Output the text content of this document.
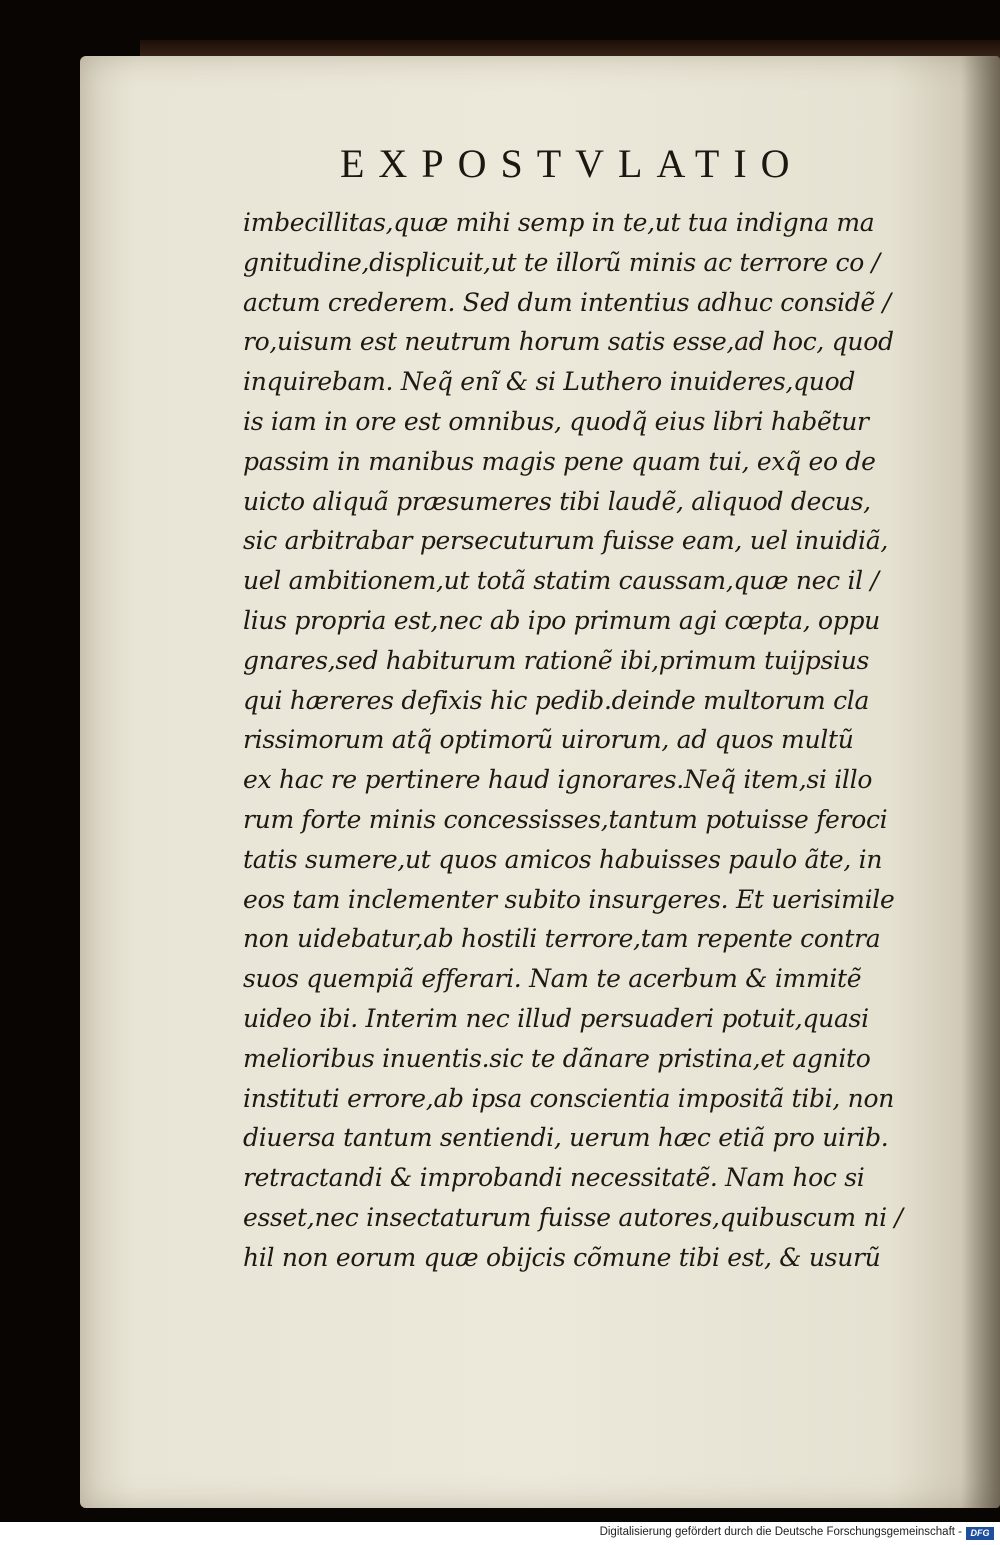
EXPOSTVLATIO
imbecillitas,quæ mihi semp in te,ut tua indigna ma
gnitudine,displicuit,ut te illorũ minis ac terrore co /
actum crederem. Sed dum intentius adhuc considẽ /
ro,uisum est neutrum horum satis esse,ad hoc, quod
inquirebam. Neq̃ enĩ & si Luthero inuideres,quod
is iam in ore est omnibus, quodq̃ eius libri habẽtur
passim in manibus magis pene quam tui, exq̃ eo de
uicto aliquã præsumeres tibi laudẽ, aliquod decus,
sic arbitrabar persecuturum fuisse eam, uel inuidiã,
uel ambitionem,ut totã statim caussam,quæ nec il /
lius propria est,nec ab ipo primum agi cœpta, oppu
gnares,sed habiturum rationẽ ibi,primum tuijpsius
qui hæreres defixis hic pedib.deinde multorum cla
rissimorum atq̃ optimorũ uirorum, ad quos multũ
ex hac re pertinere haud ignorares.Neq̃ item,si illo
rum forte minis concessisses,tantum potuisse feroci
tatis sumere,ut quos amicos habuisses paulo ãte, in
eos tam inclementer subito insurgeres. Et uerisimile
non uidebatur,ab hostili terrore,tam repente contra
suos quempiã efferari. Nam te acerbum & immitẽ
uideo ibi. Interim nec illud persuaderi potuit,quasi
melioribus inuentis.sic te dãnare pristina,et agnito
instituti errore,ab ipsa conscientia impositã tibi, non
diuersa tantum sentiendi, uerum hæc etiã pro uirib.
retractandi & improbandi necessitatẽ. Nam hoc si
esset,nec insectaturum fuisse autores,quibuscum ni /
hil non eorum quæ obijcis cõmune tibi est, & usurũ
Digitalisierung gefördert durch die Deutsche Forschungsgemeinschaft - DFG
